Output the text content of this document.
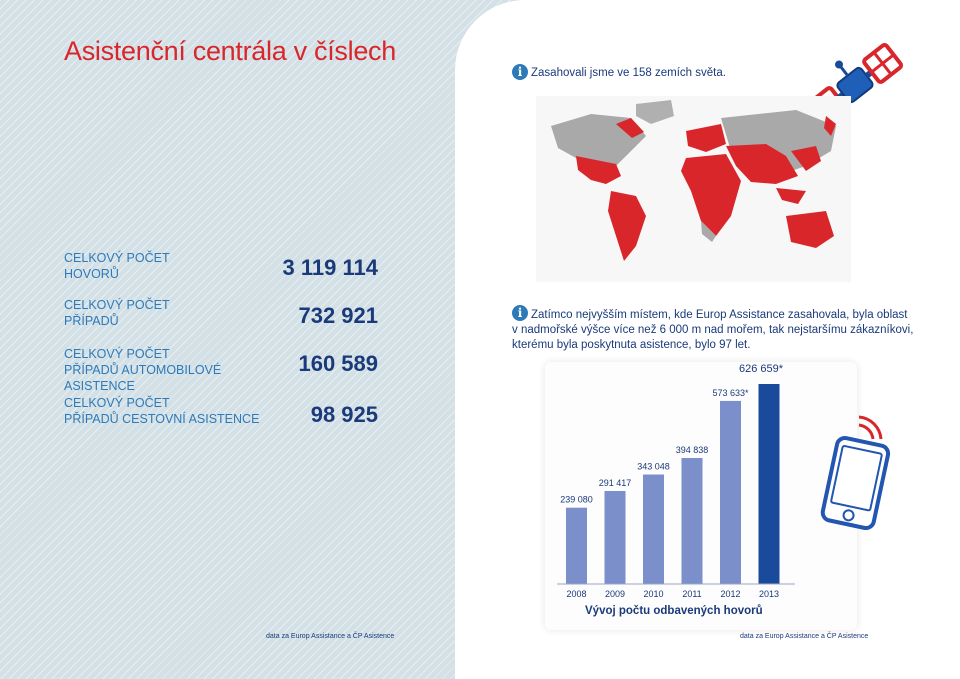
Asistenční centrála v číslech
CELKOVÝ POČET
HOVORŮ	3 119 114
CELKOVÝ POČET
PŘÍPADŮ	732 921
CELKOVÝ POČET
PŘÍPADŮ AUTOMOBILOVÉ ASISTENCE
160 589
CELKOVÝ POČET
PŘÍPADŮ CESTOVNÍ ASISTENCE	98 925
i Zasahovali jsme ve 158 zemích světa.
i Zatímco nejvyšším místem, kde Europ Assistance zasahovala, byla oblast
v nadmořské výšce více než 6 000 m nad mořem, tak nejstaršímu zákazníkovi,
kterému byla poskytnuta asistence, bylo 97 let.
239 080
2008
291 417
2009
343 048
2010
394 838
2011
573 633*
2012
626 659*
2013
Vývoj počtu odbavených hovorů
data za Europ Assistance a ČP Asistence	data za Europ Assistance a ČP Asistence
